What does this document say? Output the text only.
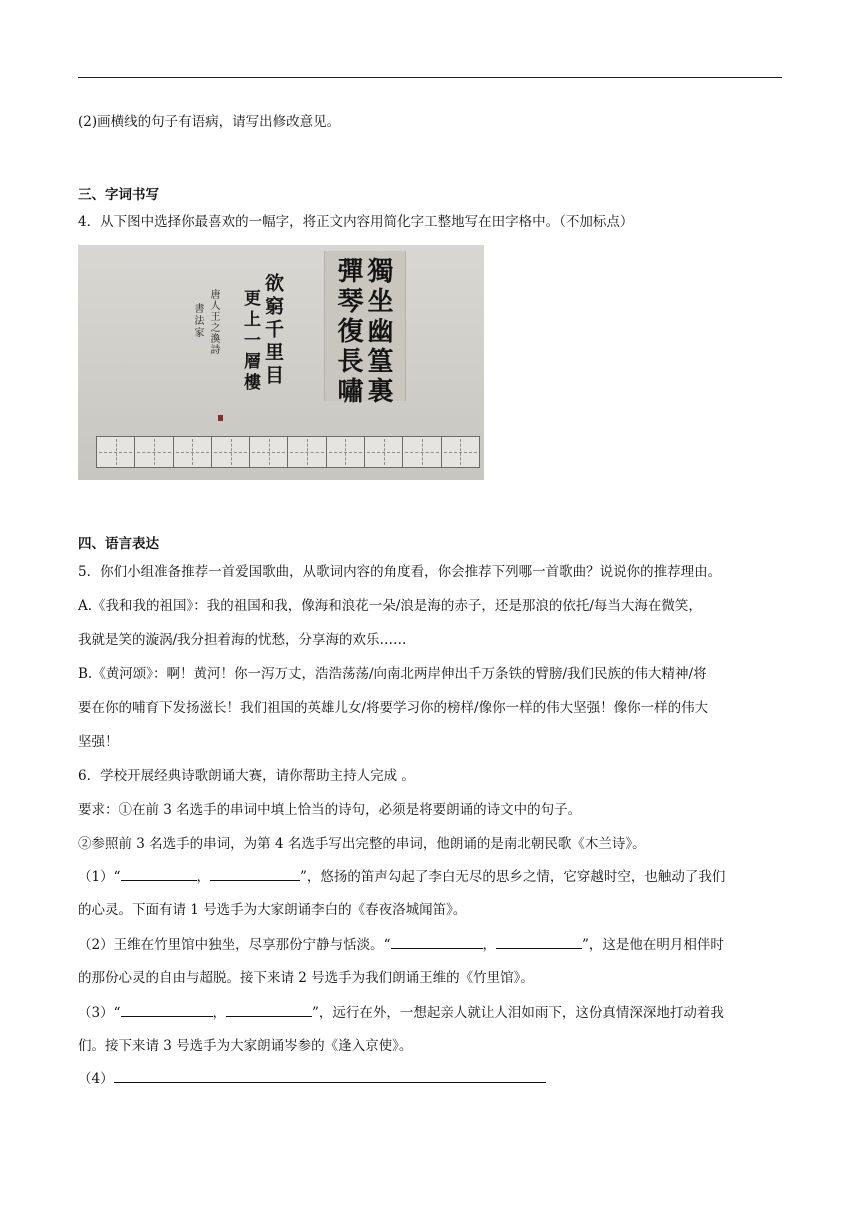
(2)画横线的句子有语病，请写出修改意见。
三、字词书写
4．从下图中选择你最喜欢的一幅字，将正文内容用简化字工整地写在田字格中。（不加标点）
獨坐幽篁裏
彈琴復長嘯
欲窮千里目
更上一層樓
唐人王之渙詩
書法家
四、语言表达
5．你们小组准备推荐一首爱国歌曲，从歌词内容的角度看，你会推荐下列哪一首歌曲？说说你的推荐理由。
A.《我和我的祖国》：我的祖国和我，像海和浪花一朵/浪是海的赤子，还是那浪的依托/每当大海在微笑，
我就是笑的漩涡/我分担着海的忧愁，分享海的欢乐……
B.《黄河颂》：啊！黄河！你一泻万丈，浩浩荡荡/向南北两岸伸出千万条铁的臂膀/我们民族的伟大精神/将
要在你的哺育下发扬滋长！我们祖国的英雄儿女/将要学习你的榜样/像你一样的伟大坚强！像你一样的伟大
坚强！
6．学校开展经典诗歌朗诵大赛，请你帮助主持人完成 。
要求：①在前 3 名选手的串词中填上恰当的诗句，必须是将要朗诵的诗文中的句子。
②参照前 3 名选手的串词，为第 4 名选手写出完整的串词，他朗诵的是南北朝民歌《木兰诗》。
（1）“	，	”，悠扬的笛声勾起了李白无尽的思乡之情，它穿越时空，也触动了我们
的心灵。下面有请 1 号选手为大家朗诵李白的《春夜洛城闻笛》。
（2）王维在竹里馆中独坐，尽享那份宁静与恬淡。“	，	”，这是他在明月相伴时
的那份心灵的自由与超脱。接下来请 2 号选手为我们朗诵王维的《竹里馆》。
（3）“	，	”，远行在外，一想起亲人就让人泪如雨下，这份真情深深地打动着我
们。接下来请 3 号选手为大家朗诵岑参的《逢入京使》。
（4）
